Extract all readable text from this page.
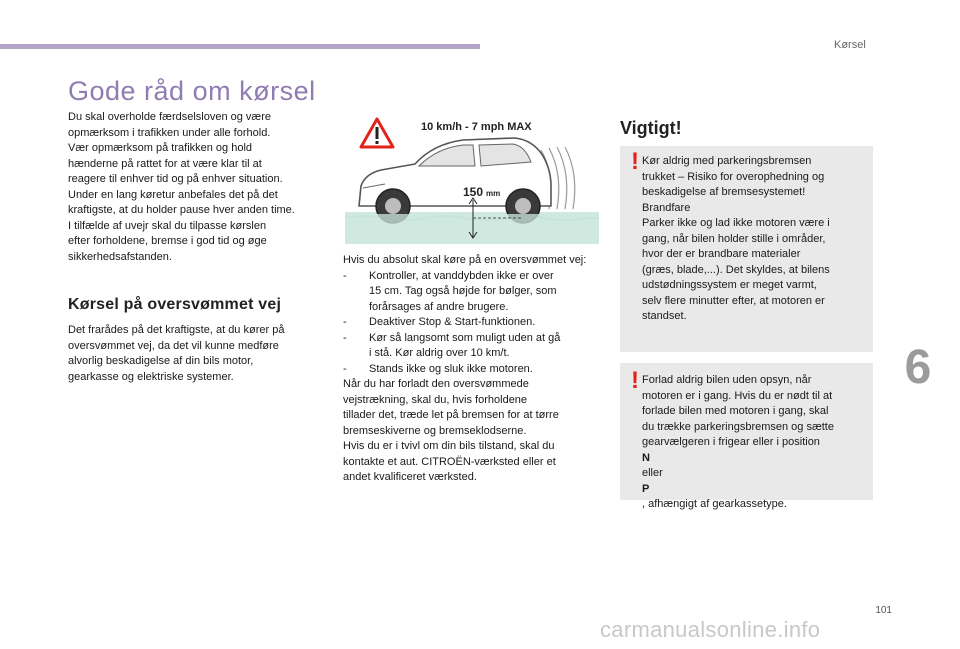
Kørsel
Gode råd om kørsel

Du skal overholde færdselsloven og være

opmærksom i trafikken under alle forhold.

Vær opmærksom på trafikken og hold

hænderne på rattet for at være klar til at

reagere til enhver tid og på enhver situation.

Under en lang køretur anbefales det på det

kraftigste, at du holder pause hver anden time.

I tilfælde af uvejr skal du tilpasse kørslen

efter forholdene, bremse i god tid og øge

sikkerhedsafstanden.

Kørsel på oversvømmet vej

Det frarådes på det kraftigste, at du kører på

oversvømmet vej, da det vil kunne medføre

alvorlig beskadigelse af din bils motor,

gearkasse og elektriske systemer.

10 km/h - 7 mph MAX
150 mm
Hvis du absolut skal køre på en oversvømmet vej:
-	Kontroller, at vanddybden ikke er over
15 cm. Tag også højde for bølger, som
forårsages af andre brugere.
-	Deaktiver Stop & Start-funktionen.
-	Kør så langsomt som muligt uden at gå
i stå. Kør aldrig over 10 km/t.
-	Stands ikke og sluk ikke motoren.
Når du har forladt den oversvømmede
vejstrækning, skal du, hvis forholdene
tillader det, træde let på bremsen for at tørre
bremseskiverne og bremseklodserne.
Hvis du er i tvivl om din bils tilstand, skal du
kontakte et aut. CITROËN-værksted eller et
andet kvalificeret værksted.
Vigtigt!
! Kør aldrig med parkeringsbremsen
trukket – Risiko for overophedning og
beskadigelse af bremsesystemet!
Brandfare
Parker ikke og lad ikke motoren være i
gang, når bilen holder stille i områder,
hvor der er brandbare materialer
(græs, blade,...). Det skyldes, at bilens
udstødningssystem er meget varmt,
selv flere minutter efter, at motoren er
standset.
! Forlad aldrig bilen uden opsyn, når
motoren er i gang. Hvis du er nødt til at
forlade bilen med motoren i gang, skal
du trække parkeringsbremsen og sætte
gearvælgeren i frigear eller i position
N
eller
P
, afhængigt af gearkassetype.
6
101
carmanualsonline.info
